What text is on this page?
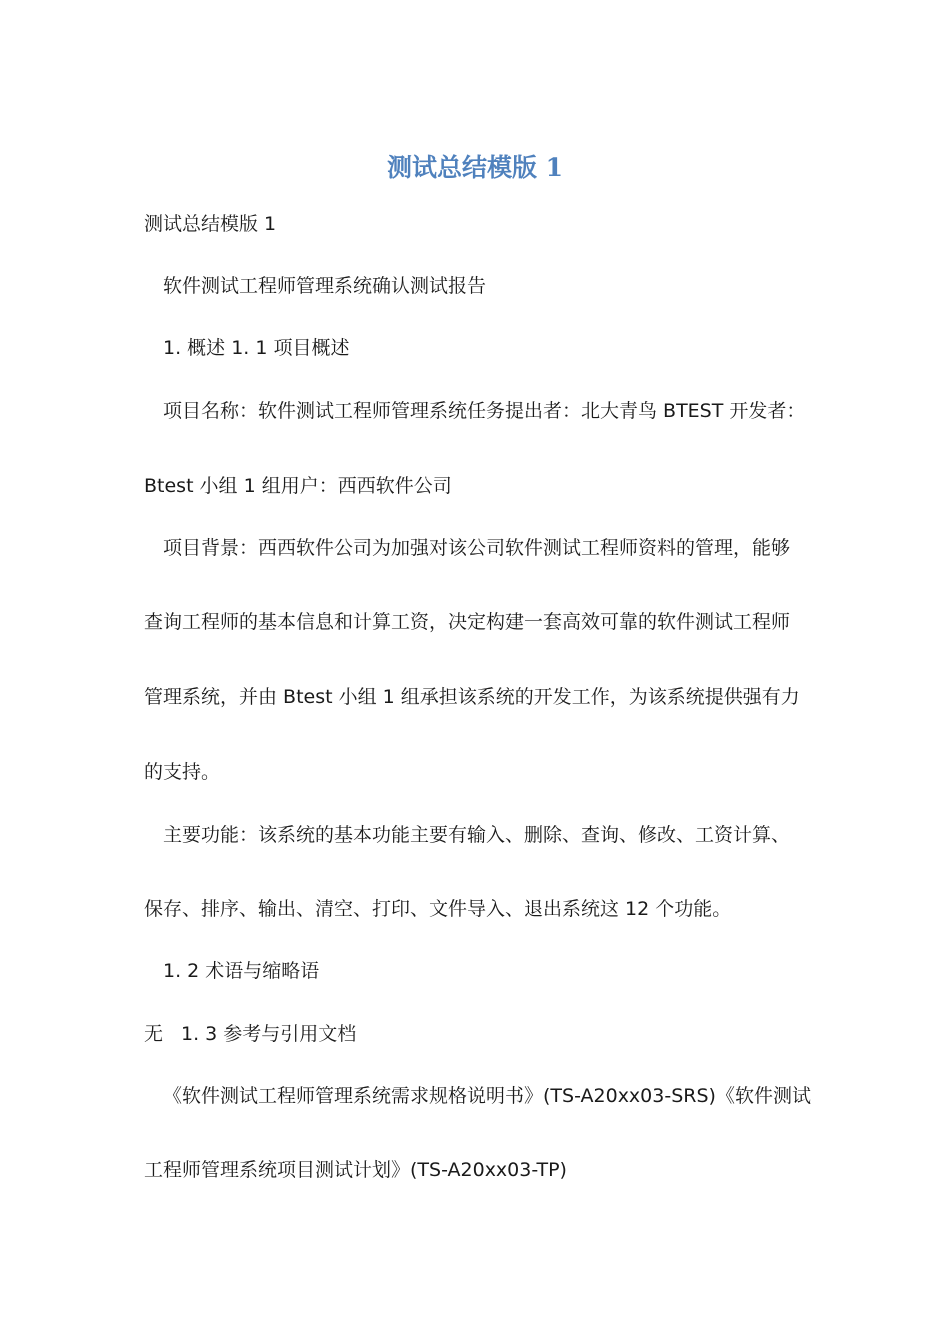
测试总结模版 1
测试总结模版 1
软件测试工程师管理系统确认测试报告
1. 概述 1. 1 项目概述
项目名称：软件测试工程师管理系统任务提出者：北大青鸟 BTEST 开发者：
Btest 小组 1 组用户：西西软件公司
项目背景：西西软件公司为加强对该公司软件测试工程师资料的管理，能够
查询工程师的基本信息和计算工资，决定构建一套高效可靠的软件测试工程师
管理系统，并由 Btest 小组 1 组承担该系统的开发工作，为该系统提供强有力
的支持。
主要功能：该系统的基本功能主要有输入、删除、查询、修改、工资计算、
保存、排序、输出、清空、打印、文件导入、退出系统这 12 个功能。
1. 2 术语与缩略语
无 1. 3 参考与引用文档
《软件测试工程师管理系统需求规格说明书》(TS-A20xx03-SRS)《软件测试
工程师管理系统项目测试计划》(TS-A20xx03-TP)
